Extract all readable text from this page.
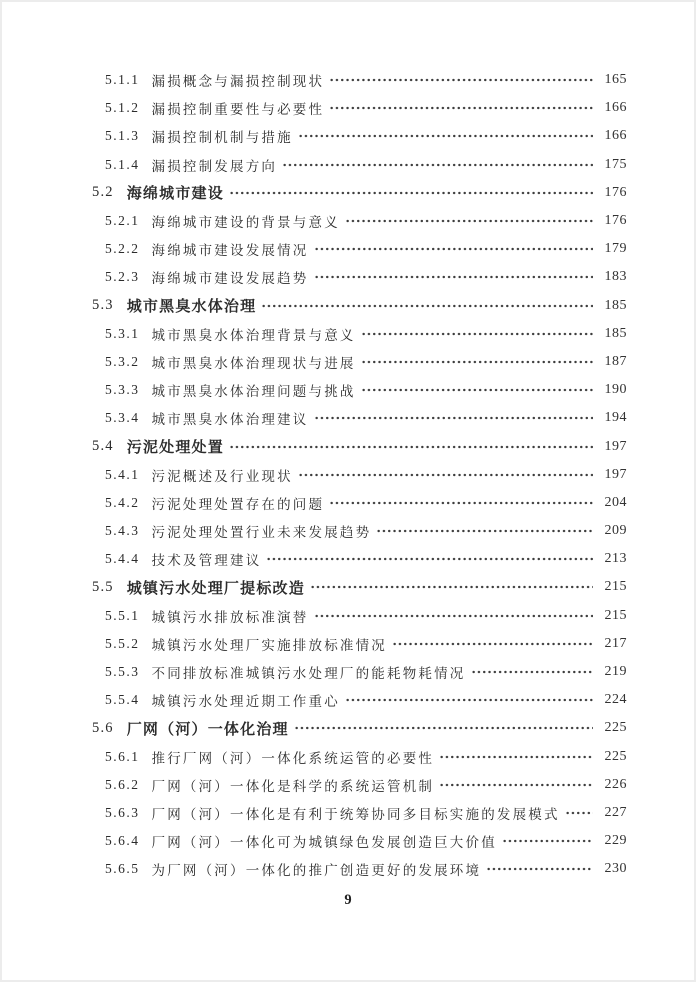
5.1.1 漏损概念与漏损控制现状	165
5.1.2 漏损控制重要性与必要性	166
5.1.3 漏损控制机制与措施	166
5.1.4 漏损控制发展方向	175
5.2 海绵城市建设	176
5.2.1 海绵城市建设的背景与意义	176
5.2.2 海绵城市建设发展情况	179
5.2.3 海绵城市建设发展趋势	183
5.3 城市黑臭水体治理	185
5.3.1 城市黑臭水体治理背景与意义	185
5.3.2 城市黑臭水体治理现状与进展	187
5.3.3 城市黑臭水体治理问题与挑战	190
5.3.4 城市黑臭水体治理建议	194
5.4 污泥处理处置	197
5.4.1 污泥概述及行业现状	197
5.4.2 污泥处理处置存在的问题	204
5.4.3 污泥处理处置行业未来发展趋势	209
5.4.4 技术及管理建议	213
5.5 城镇污水处理厂提标改造	215
5.5.1 城镇污水排放标准演替	215
5.5.2 城镇污水处理厂实施排放标准情况	217
5.5.3 不同排放标准城镇污水处理厂的能耗物耗情况	219
5.5.4 城镇污水处理近期工作重心	224
5.6 厂网（河）一体化治理	225
5.6.1 推行厂网（河）一体化系统运管的必要性	225
5.6.2 厂网（河）一体化是科学的系统运管机制	226
5.6.3 厂网（河）一体化是有利于统筹协同多目标实施的发展模式	227
5.6.4 厂网（河）一体化可为城镇绿色发展创造巨大价值	229
5.6.5 为厂网（河）一体化的推广创造更好的发展环境	230
9
